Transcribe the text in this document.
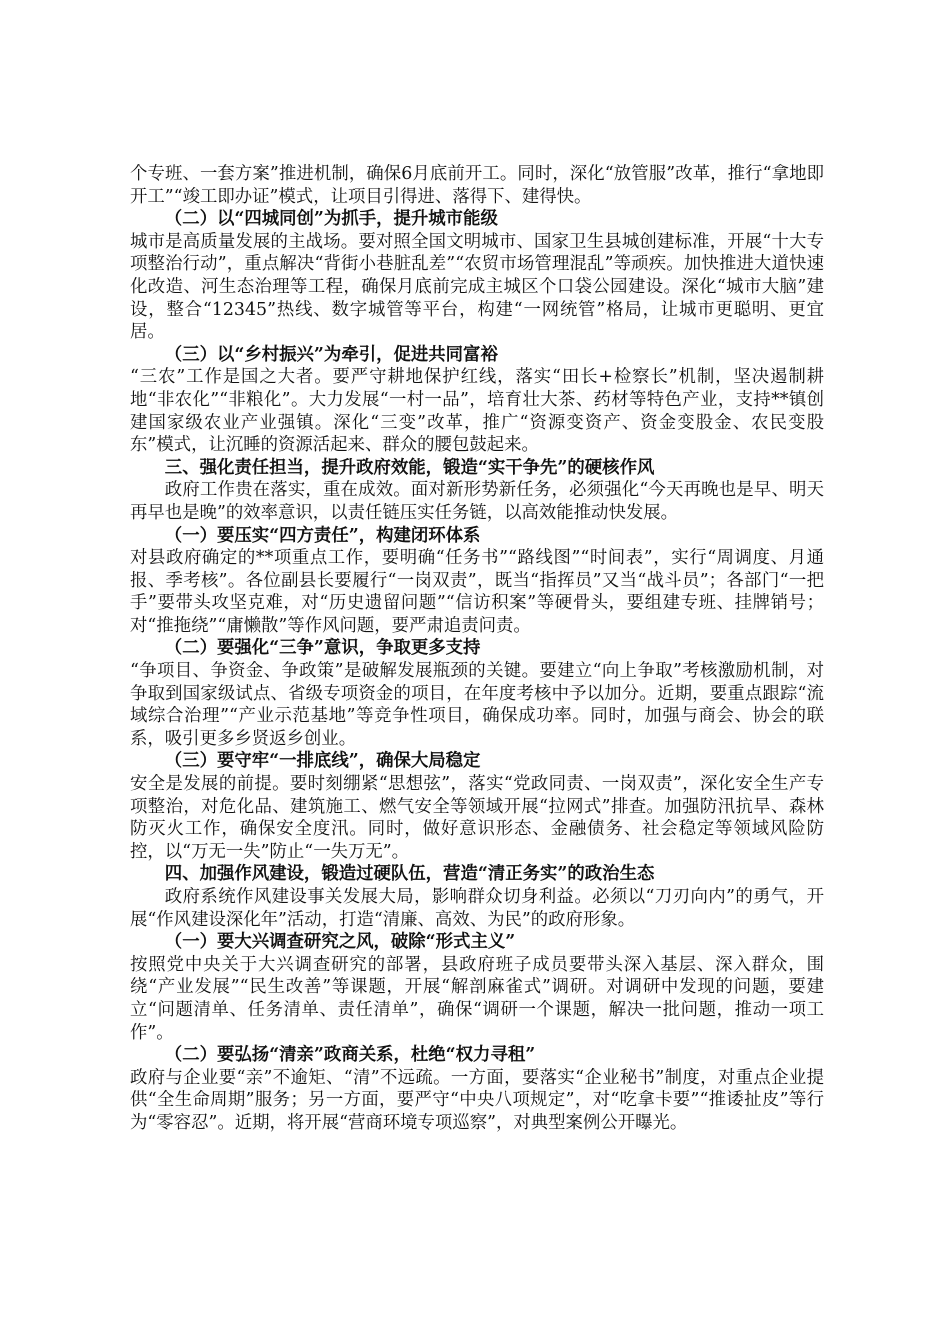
个专班、一套方案”推进机制，确保6月底前开工。同时，深化“放管服”改革，推行“拿地即开工”“竣工即办证”模式，让项目引得进、落得下、建得快。

（二）以“四城同创”为抓手，提升城市能级

城市是高质量发展的主战场。要对照全国文明城市、国家卫生县城创建标准，开展“十大专项整治行动”，重点解决“背街小巷脏乱差”“农贸市场管理混乱”等顽疾。加快推进大道快速化改造、河生态治理等工程，确保月底前完成主城区个口袋公园建设。深化“城市大脑”建设，整合“12345”热线、数字城管等平台，构建“一网统管”格局，让城市更聪明、更宜居。

（三）以“乡村振兴”为牵引，促进共同富裕

“三农”工作是国之大者。要严守耕地保护红线，落实“田长+检察长”机制，坚决遏制耕地“非农化”“非粮化”。大力发展“一村一品”，培育壮大茶、药材等特色产业，支持**镇创建国家级农业产业强镇。深化“三变”改革，推广“资源变资产、资金变股金、农民变股东”模式，让沉睡的资源活起来、群众的腰包鼓起来。

三、强化责任担当，提升政府效能，锻造“实干争先”的硬核作风

政府工作贵在落实，重在成效。面对新形势新任务，必须强化“今天再晚也是早、明天再早也是晚”的效率意识，以责任链压实任务链，以高效能推动快发展。

（一）要压实“四方责任”，构建闭环体系

对县政府确定的**项重点工作，要明确“任务书”“路线图”“时间表”，实行“周调度、月通报、季考核”。各位副县长要履行“一岗双责”，既当“指挥员”又当“战斗员”；各部门“一把手”要带头攻坚克难，对“历史遗留问题”“信访积案”等硬骨头，要组建专班、挂牌销号；对“推拖绕”“庸懒散”等作风问题，要严肃追责问责。

（二）要强化“三争”意识，争取更多支持

“争项目、争资金、争政策”是破解发展瓶颈的关键。要建立“向上争取”考核激励机制，对争取到国家级试点、省级专项资金的项目，在年度考核中予以加分。近期，要重点跟踪“流域综合治理”“产业示范基地”等竞争性项目，确保成功率。同时，加强与商会、协会的联系，吸引更多乡贤返乡创业。

（三）要守牢“一排底线”，确保大局稳定

安全是发展的前提。要时刻绷紧“思想弦”，落实“党政同责、一岗双责”，深化安全生产专项整治，对危化品、建筑施工、燃气安全等领域开展“拉网式”排查。加强防汛抗旱、森林防灭火工作，确保安全度汛。同时，做好意识形态、金融债务、社会稳定等领域风险防控，以“万无一失”防止“一失万无”。

四、加强作风建设，锻造过硬队伍，营造“清正务实”的政治生态

政府系统作风建设事关发展大局，影响群众切身利益。必须以“刀刃向内”的勇气，开展“作风建设深化年”活动，打造“清廉、高效、为民”的政府形象。

（一）要大兴调查研究之风，破除“形式主义”

按照党中央关于大兴调查研究的部署，县政府班子成员要带头深入基层、深入群众，围绕“产业发展”“民生改善”等课题，开展“解剖麻雀式”调研。对调研中发现的问题，要建立“问题清单、任务清单、责任清单”，确保“调研一个课题，解决一批问题，推动一项工作”。

（二）要弘扬“清亲”政商关系，杜绝“权力寻租”

政府与企业要“亲”不逾矩、“清”不远疏。一方面，要落实“企业秘书”制度，对重点企业提供“全生命周期”服务；另一方面，要严守“中央八项规定”，对“吃拿卡要”“推诿扯皮”等行为“零容忍”。近期，将开展“营商环境专项巡察”，对典型案例公开曝光。
